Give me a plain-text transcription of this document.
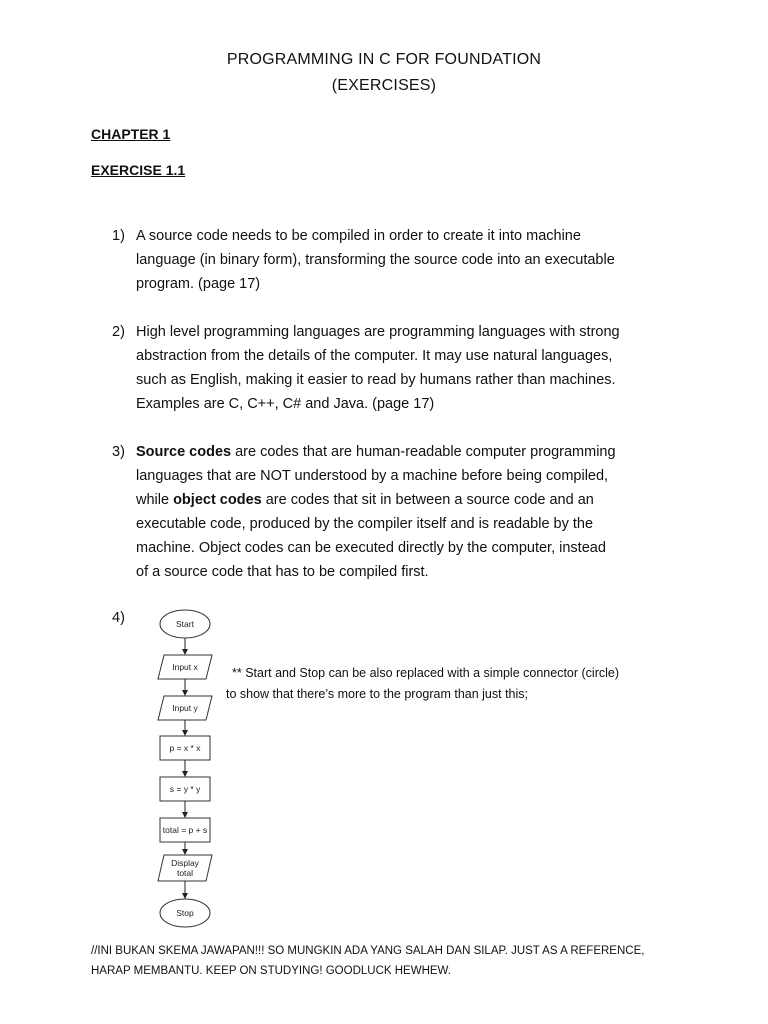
PROGRAMMING IN C FOR FOUNDATION
(EXERCISES)
CHAPTER 1
EXERCISE 1.1
1) A source code needs to be compiled in order to create it into machine
language (in binary form), transforming the source code into an executable
program. (page 17)
2) High level programming languages are programming languages with strong
abstraction from the details of the computer. It may use natural languages,
such as English, making it easier to read by humans rather than machines.
Examples are C, C++, C# and Java. (page 17)
3) Source codes are codes that are human-readable computer programming
languages that are NOT understood by a machine before being compiled,
while object codes are codes that sit in between a source code and an
executable code, produced by the compiler itself and is readable by the
machine. Object codes can be executed directly by the computer, instead
of a source code that has to be compiled first.
4)	Start
Input x
Input y
p = x * x
s = y * y
total = p + s
Display
total
Stop
** Start and Stop can be also replaced with a simple connector (circle)
to show that there’s more to the program than just this;
//INI BUKAN SKEMA JAWAPAN!!! SO MUNGKIN ADA YANG SALAH DAN SILAP. JUST AS A REFERENCE,
HARAP MEMBANTU. KEEP ON STUDYING! GOODLUCK HEWHEW.
